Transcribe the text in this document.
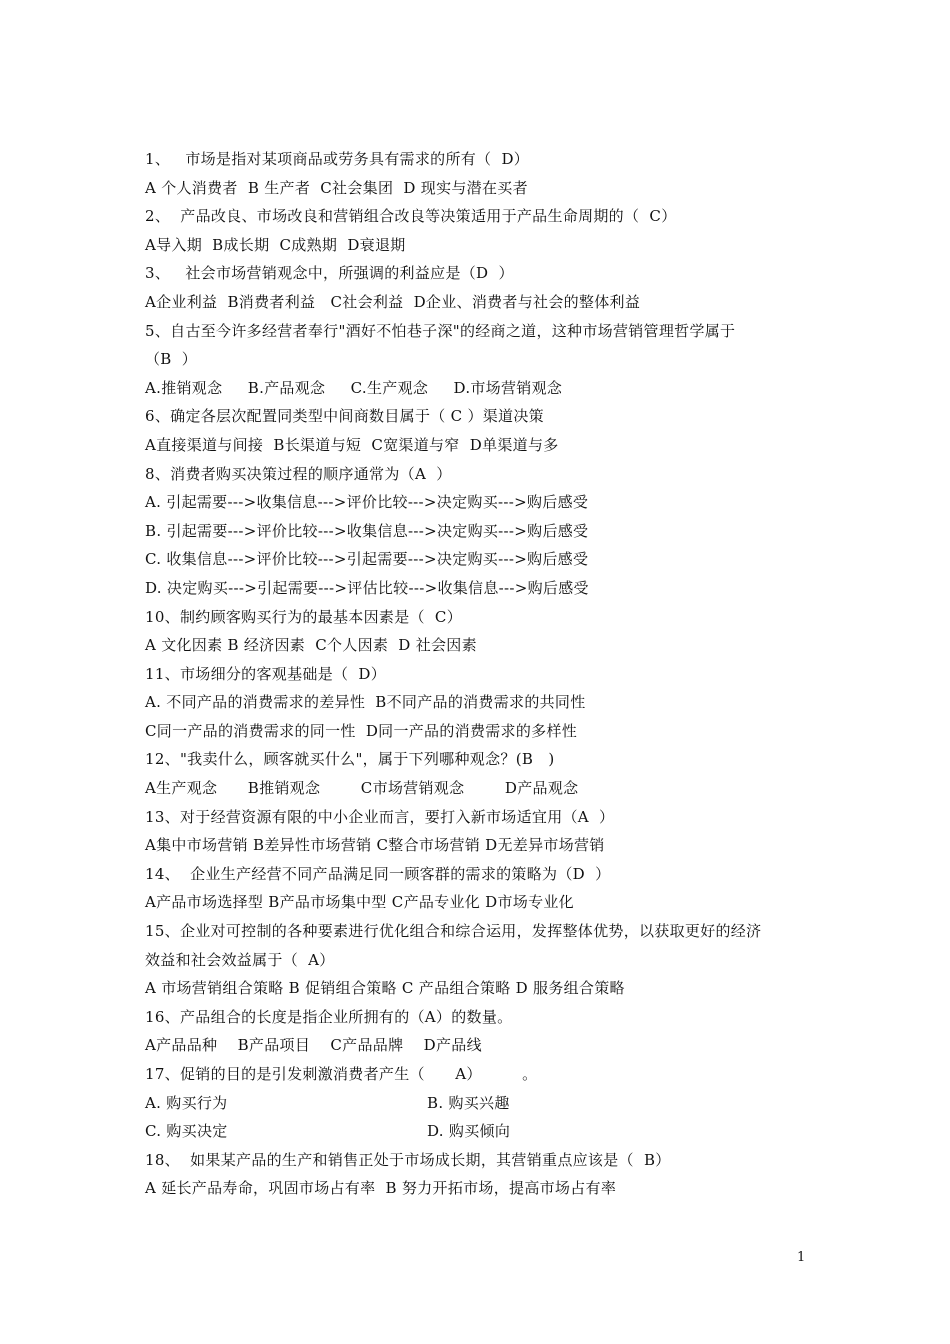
1、   市场是指对某项商品或劳务具有需求的所有（  D）
A 个人消费者  B 生产者  C社会集团  D 现实与潜在买者
2、  产品改良、市场改良和营销组合改良等决策适用于产品生命周期的（  C）
A导入期  B成长期  C成熟期  D衰退期
3、   社会市场营销观念中，所强调的利益应是（D  ）
A企业利益  B消费者利益   C社会利益  D企业、消费者与社会的整体利益
5、自古至今许多经营者奉行"酒好不怕巷子深"的经商之道，这种市场营销管理哲学属于
（B  ）
A.推销观念     B.产品观念     C.生产观念     D.市场营销观念
6、确定各层次配置同类型中间商数目属于（ C ）渠道决策
A直接渠道与间接  B长渠道与短  C宽渠道与窄  D单渠道与多
8、消费者购买决策过程的顺序通常为（A  ）
A. 引起需要--->收集信息--->评价比较--->决定购买--->购后感受
B. 引起需要--->评价比较--->收集信息--->决定购买--->购后感受
C. 收集信息--->评价比较--->引起需要--->决定购买--->购后感受
D. 决定购买--->引起需要--->评估比较--->收集信息--->购后感受
10、制约顾客购买行为的最基本因素是（  C）
A 文化因素 B 经济因素  C个人因素  D 社会因素
11、市场细分的客观基础是（  D）
A. 不同产品的消费需求的差异性  B不同产品的消费需求的共同性
C同一产品的消费需求的同一性  D同一产品的消费需求的多样性
12、"我卖什么，顾客就买什么"，属于下列哪种观念？(B   )
A生产观念      B推销观念        C市场营销观念        D产品观念
13、对于经营资源有限的中小企业而言，要打入新市场适宜用（A  ）
A集中市场营销 B差异性市场营销 C整合市场营销 D无差异市场营销
14、  企业生产经营不同产品满足同一顾客群的需求的策略为（D  ）
A产品市场选择型 B产品市场集中型 C产品专业化 D市场专业化
15、企业对可控制的各种要素进行优化组合和综合运用，发挥整体优势，以获取更好的经济
效益和社会效益属于（  A）
A 市场营销组合策略 B 促销组合策略 C 产品组合策略 D 服务组合策略
16、产品组合的长度是指企业所拥有的（A）的数量。
A产品品种    B产品项目    C产品品牌    D产品线
17、促销的目的是引发刺激消费者产生（      A）        。
A. 购买行为	B. 购买兴趣
C. 购买决定	D. 购买倾向
18、  如果某产品的生产和销售正处于市场成长期，其营销重点应该是（  B）
A 延长产品寿命，巩固市场占有率  B 努力开拓市场，提高市场占有率
1
